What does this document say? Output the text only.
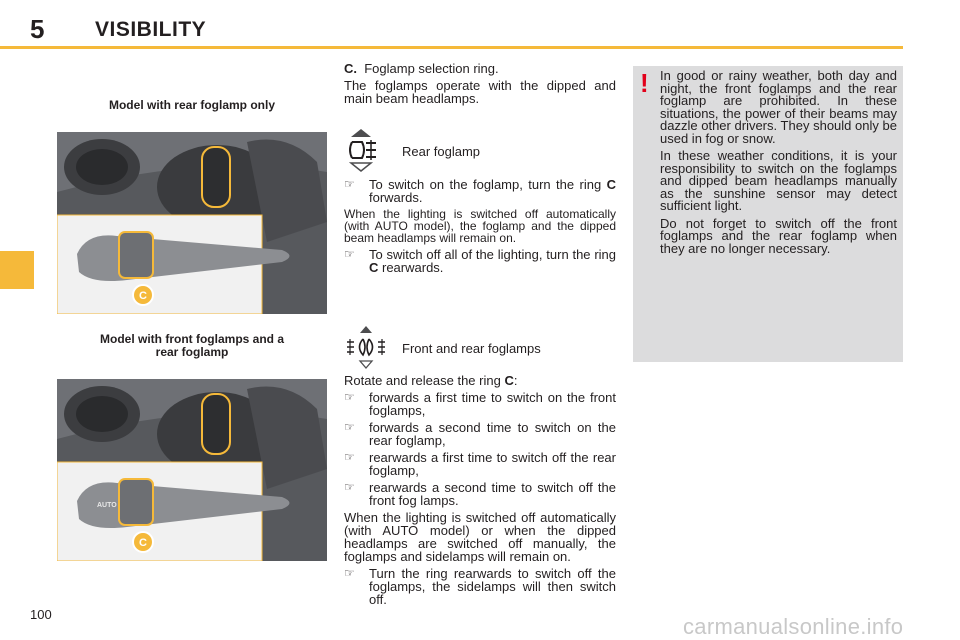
5 VISIBILITY
Model with rear foglamp only
C
Model with front foglamps and a
rear foglamp
AUTO
C

C. Foglamp selection ring.

The foglamps operate with the dipped and main beam headlamps.

Rear foglamp
☞	To switch on the foglamp, turn the ring C forwards.

When the lighting is switched off automatically (with AUTO model), the foglamp and the dipped beam headlamps will remain on.

☞	To switch off all of the lighting, turn the ring C rearwards.
Front and rear foglamps

Rotate and release the ring C:

☞	forwards a first time to switch on the front foglamps,
☞	forwards a second time to switch on the rear foglamp,
☞	rearwards a first time to switch off the rear foglamp,
☞	rearwards a second time to switch off the front fog lamps.

When the lighting is switched off automatically (with AUTO model) or when the dipped headlamps are switched off manually, the foglamps and sidelamps will remain on.

☞	Turn the ring rearwards to switch off the foglamps, the sidelamps will then switch off.
! In good or rainy weather, both day and night, the front foglamps and the rear foglamp are prohibited. In these situations, the power of their beams may dazzle other drivers. They should only be used in fog or snow.

In these weather conditions, it is your responsibility to switch on the foglamps and dipped beam headlamps manually as the sunshine sensor may detect sufficient light.

Do not forget to switch off the front foglamps and the rear foglamp when they are no longer necessary.

100	carmanualsonline.info
